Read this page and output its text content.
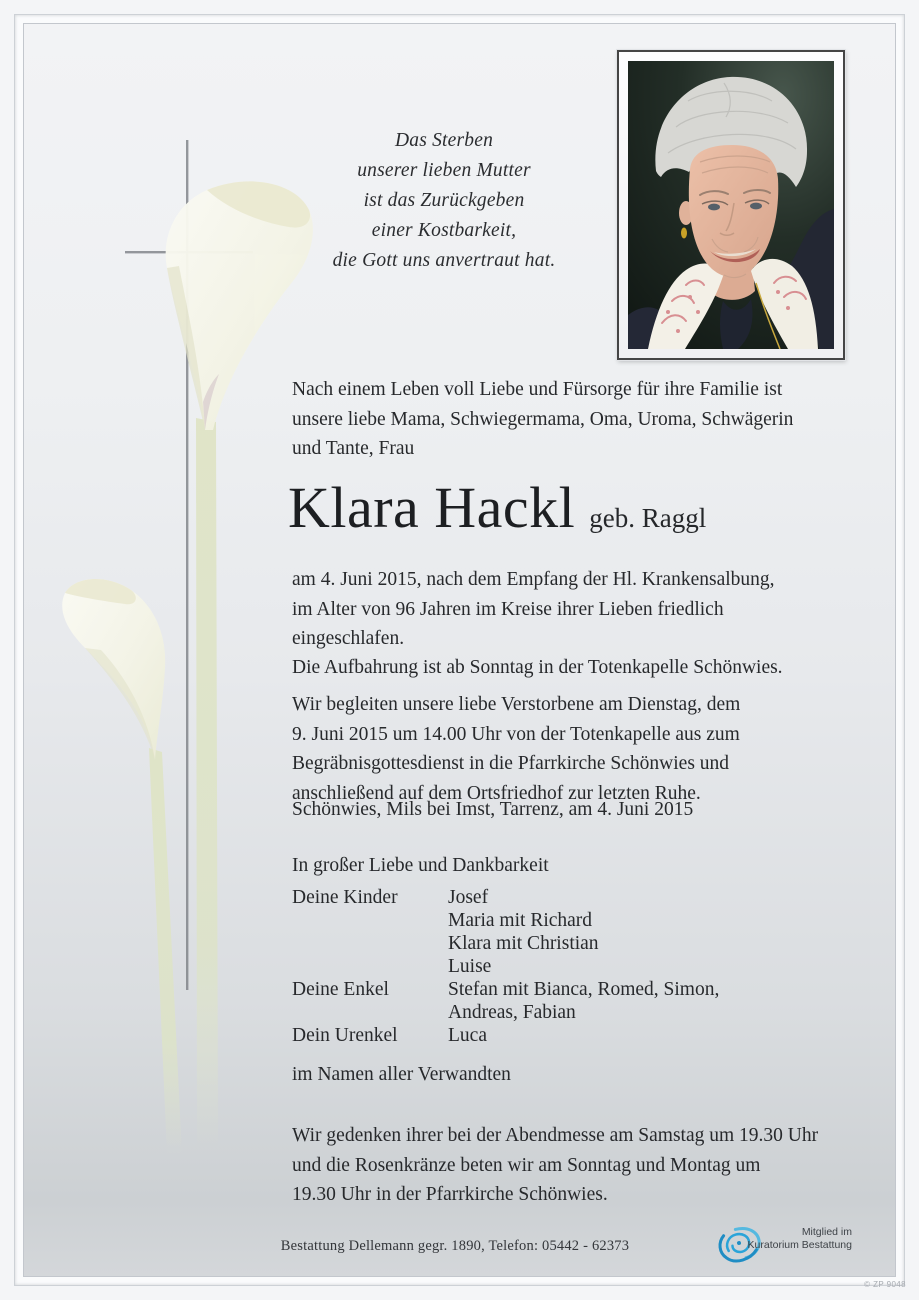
Das Sterben
unserer lieben Mutter
ist das Zurückgeben
einer Kostbarkeit,
die Gott uns anvertraut hat.
Nach einem Leben voll Liebe und Fürsorge für ihre Familie ist
unsere liebe Mama, Schwiegermama, Oma, Uroma, Schwägerin
und Tante, Frau
Klara Hackl geb. Raggl
am 4. Juni 2015, nach dem Empfang der Hl. Krankensalbung,
im Alter von 96 Jahren im Kreise ihrer Lieben friedlich
eingeschlafen.
Die Aufbahrung ist ab Sonntag in der Totenkapelle Schönwies.
Wir begleiten unsere liebe Verstorbene am Dienstag, dem
9. Juni 2015 um 14.00 Uhr von der Totenkapelle aus zum
Begräbnisgottesdienst in die Pfarrkirche Schönwies und
anschließend auf dem Ortsfriedhof zur letzten Ruhe.
Schönwies, Mils bei Imst, Tarrenz, am 4. Juni 2015
In großer Liebe und Dankbarkeit
Deine Kinder	Josef
Maria mit Richard
Klara mit Christian
Luise
Deine Enkel	Stefan mit Bianca, Romed, Simon,
Andreas, Fabian
Dein Urenkel	Luca
im Namen aller Verwandten
Wir gedenken ihrer bei der Abendmesse am Samstag um 19.30 Uhr
und die Rosenkränze beten wir am Sonntag und Montag um
19.30 Uhr in der Pfarrkirche Schönwies.
Bestattung Dellemann gegr. 1890, Telefon: 05442 - 62373
Mitglied im
Kuratorium Bestattung
© ZP 9048
